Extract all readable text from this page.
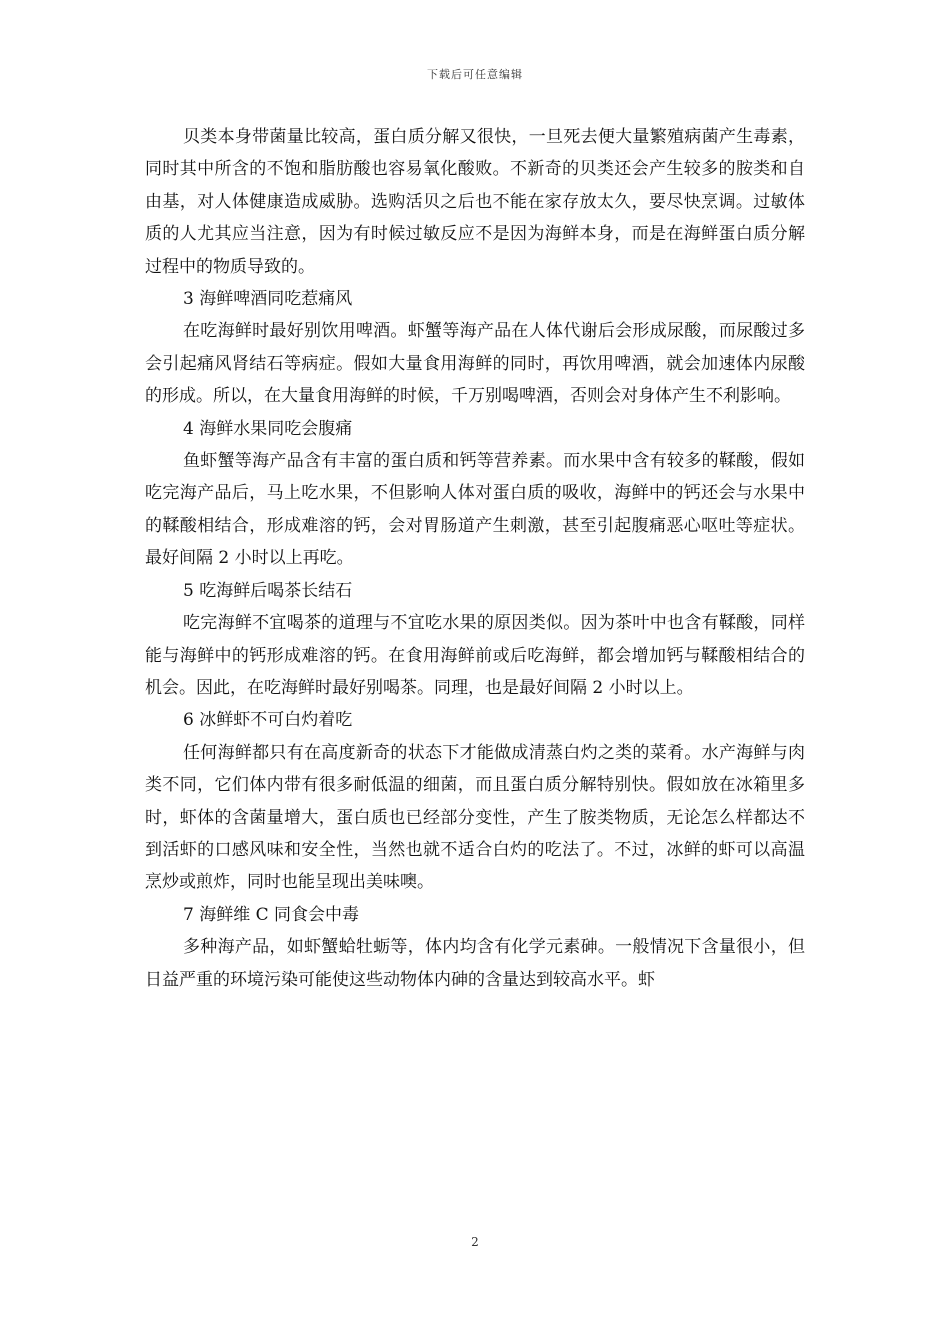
下载后可任意编辑

贝类本身带菌量比较高，蛋白质分解又很快，一旦死去便大量繁殖病菌产生毒素，同时其中所含的不饱和脂肪酸也容易氧化酸败。不新奇的贝类还会产生较多的胺类和自由基，对人体健康造成威胁。选购活贝之后也不能在家存放太久，要尽快烹调。过敏体质的人尤其应当注意，因为有时候过敏反应不是因为海鲜本身，而是在海鲜蛋白质分解过程中的物质导致的。

3 海鲜啤酒同吃惹痛风

在吃海鲜时最好别饮用啤酒。虾蟹等海产品在人体代谢后会形成尿酸，而尿酸过多会引起痛风肾结石等病症。假如大量食用海鲜的同时，再饮用啤酒，就会加速体内尿酸的形成。所以，在大量食用海鲜的时候，千万别喝啤酒，否则会对身体产生不利影响。

4 海鲜水果同吃会腹痛

鱼虾蟹等海产品含有丰富的蛋白质和钙等营养素。而水果中含有较多的鞣酸，假如吃完海产品后，马上吃水果，不但影响人体对蛋白质的吸收，海鲜中的钙还会与水果中的鞣酸相结合，形成难溶的钙，会对胃肠道产生刺激，甚至引起腹痛恶心呕吐等症状。最好间隔 2 小时以上再吃。

5 吃海鲜后喝茶长结石

吃完海鲜不宜喝茶的道理与不宜吃水果的原因类似。因为茶叶中也含有鞣酸，同样能与海鲜中的钙形成难溶的钙。在食用海鲜前或后吃海鲜，都会增加钙与鞣酸相结合的机会。因此，在吃海鲜时最好别喝茶。同理，也是最好间隔 2 小时以上。

6 冰鲜虾不可白灼着吃

任何海鲜都只有在高度新奇的状态下才能做成清蒸白灼之类的菜肴。水产海鲜与肉类不同，它们体内带有很多耐低温的细菌，而且蛋白质分解特别快。假如放在冰箱里多时，虾体的含菌量增大，蛋白质也已经部分变性，产生了胺类物质，无论怎么样都达不到活虾的口感风味和安全性，当然也就不适合白灼的吃法了。不过，冰鲜的虾可以高温烹炒或煎炸，同时也能呈现出美味噢。

7 海鲜维 C 同食会中毒

多种海产品，如虾蟹蛤牡蛎等，体内均含有化学元素砷。一般情况下含量很小，但日益严重的环境污染可能使这些动物体内砷的含量达到较高水平。虾

2
